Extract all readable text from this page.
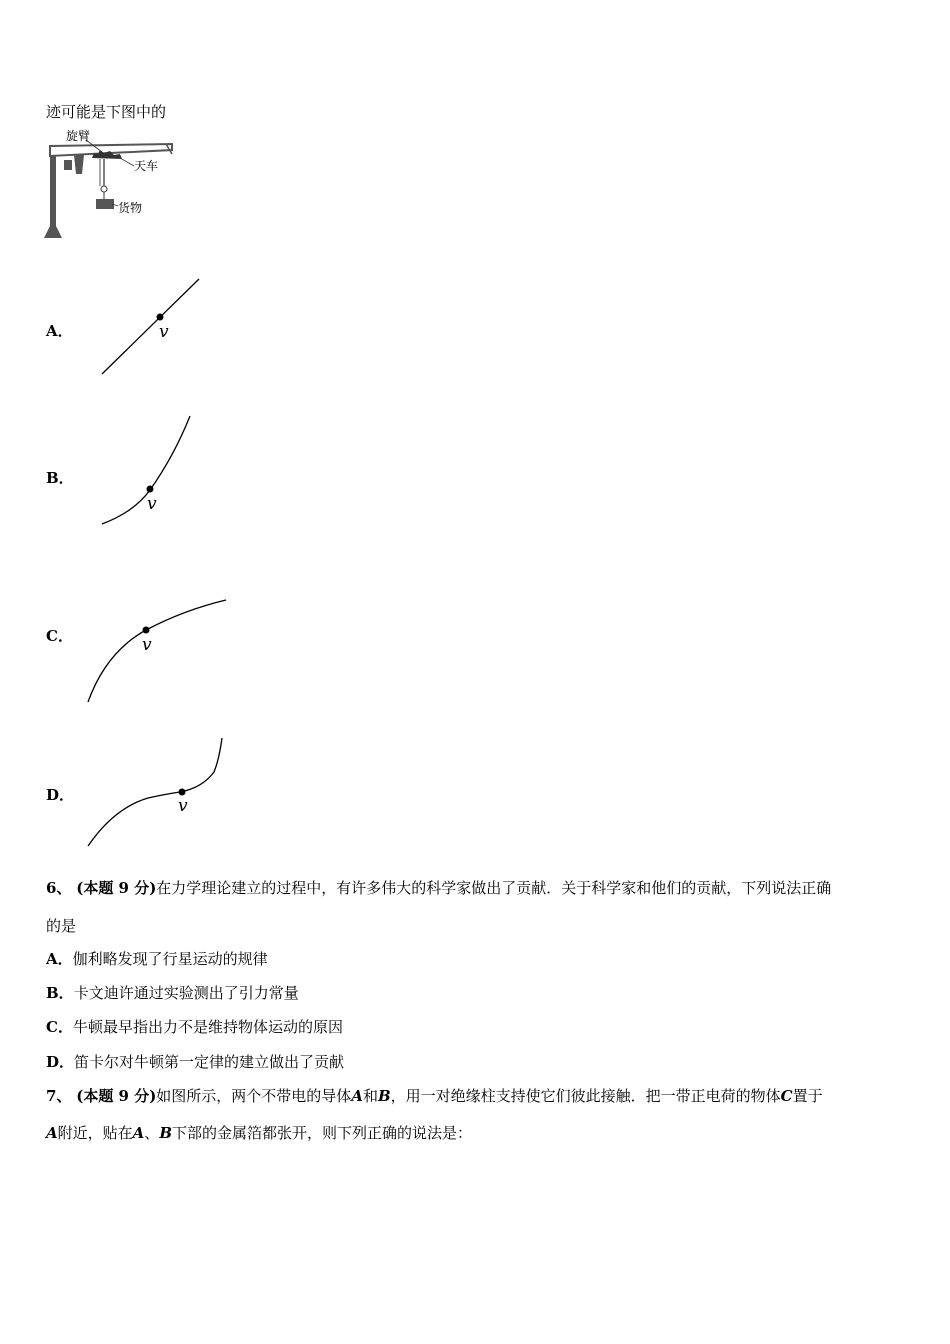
迹可能是下图中的
旋臂
天车
货物
A．	v
B．
v
C．	v
D．
v
6、 (本题 9 分)在力学理论建立的过程中，有许多伟大的科学家做出了贡献．关于科学家和他们的贡献，下列说法正确
的是
A．伽利略发现了行星运动的规律
B．卡文迪许通过实验测出了引力常量
C．牛顿最早指出力不是维持物体运动的原因
D．笛卡尔对牛顿第一定律的建立做出了贡献
7、 (本题 9 分)如图所示，两个不带电的导体A和B，用一对绝缘柱支持使它们彼此接触．把一带正电荷的物体C置于
A附近，贴在A、B下部的金属箔都张开，则下列正确的说法是：
